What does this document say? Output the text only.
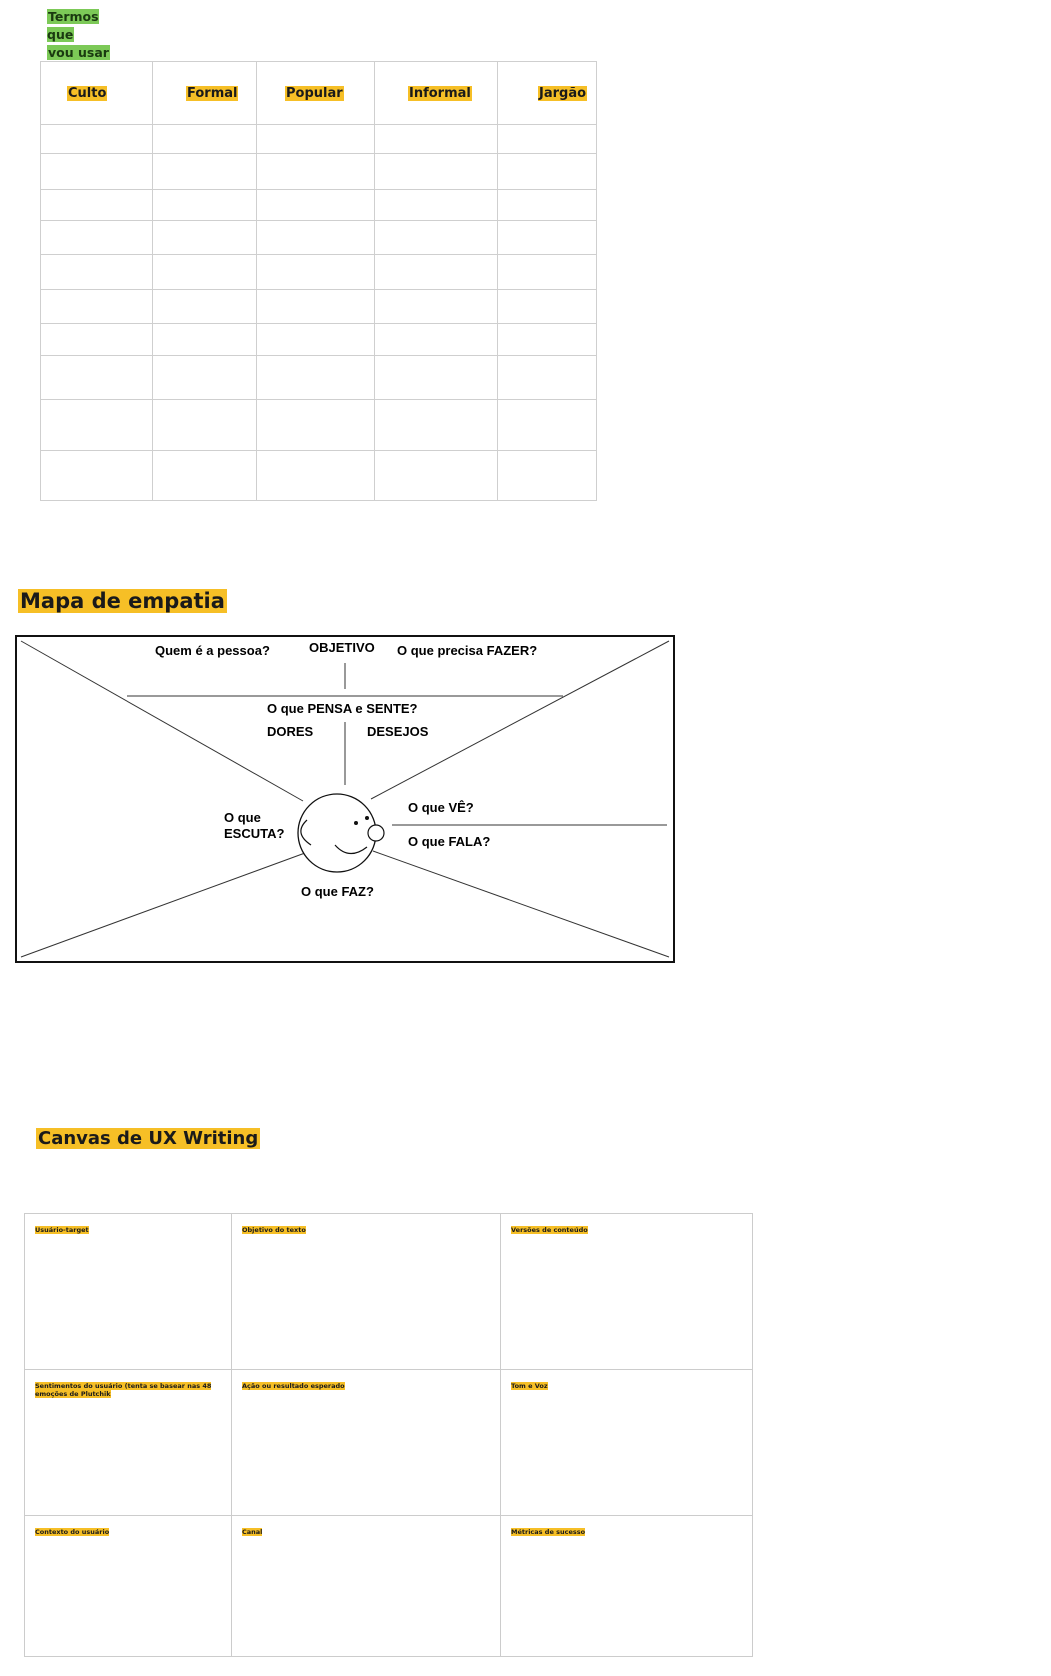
Termos que
vou usar
Culto	Formal	Popular	Informal	Jargão

Mapa de empatia
Quem é a pessoa?	OBJETIVO O que precisa FAZER?
O que PENSA e SENTE?
DORES	DESEJOS
O que
ESCUTA?
O que VÊ?
O que FALA?
O que FAZ?
Canvas de UX Writing
Usuário-target	Objetivo do texto	Versões de conteúdo

Sentimentos do usuário (tenta se basear nas 48 emoções de Plutchik	Ação ou resultado esperado	Tom e Voz

Contexto do usuário	Canal	Métricas de sucesso
